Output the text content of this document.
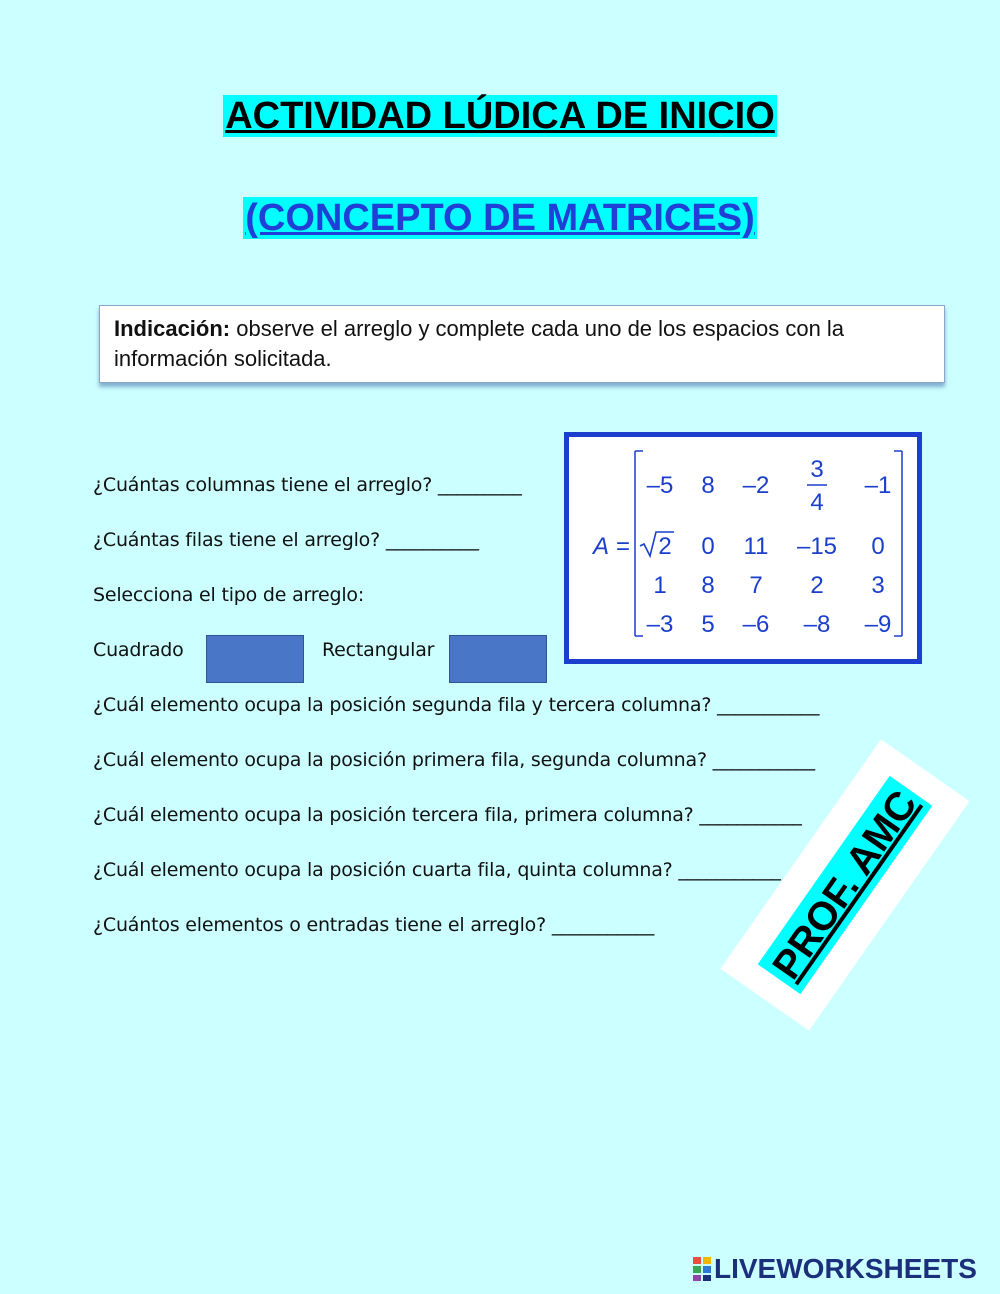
ACTIVIDAD LÚDICA DE INICIO
(CONCEPTO DE MATRICES)
Indicación: observe el arreglo y complete cada uno de los espacios con la información solicitada.
¿Cuántas columnas tiene el arreglo? _________
¿Cuántas filas tiene el arreglo? __________
Selecciona el tipo de arreglo:
Cuadrado	Rectangular
¿Cuál elemento ocupa la posición segunda fila y tercera columna? ___________
¿Cuál elemento ocupa la posición primera fila, segunda columna? ___________
¿Cuál elemento ocupa la posición tercera fila, primera columna? ___________
¿Cuál elemento ocupa la posición cuarta fila, quinta columna? ___________
¿Cuántos elementos o entradas tiene el arreglo? ___________
A =
–5 8 –2
3
4
–1
2 0 11 –15 0
1 8 7 2 3
–3 5 –6 –8 –9
PROF. AMC
LIVEWORKSHEETS
